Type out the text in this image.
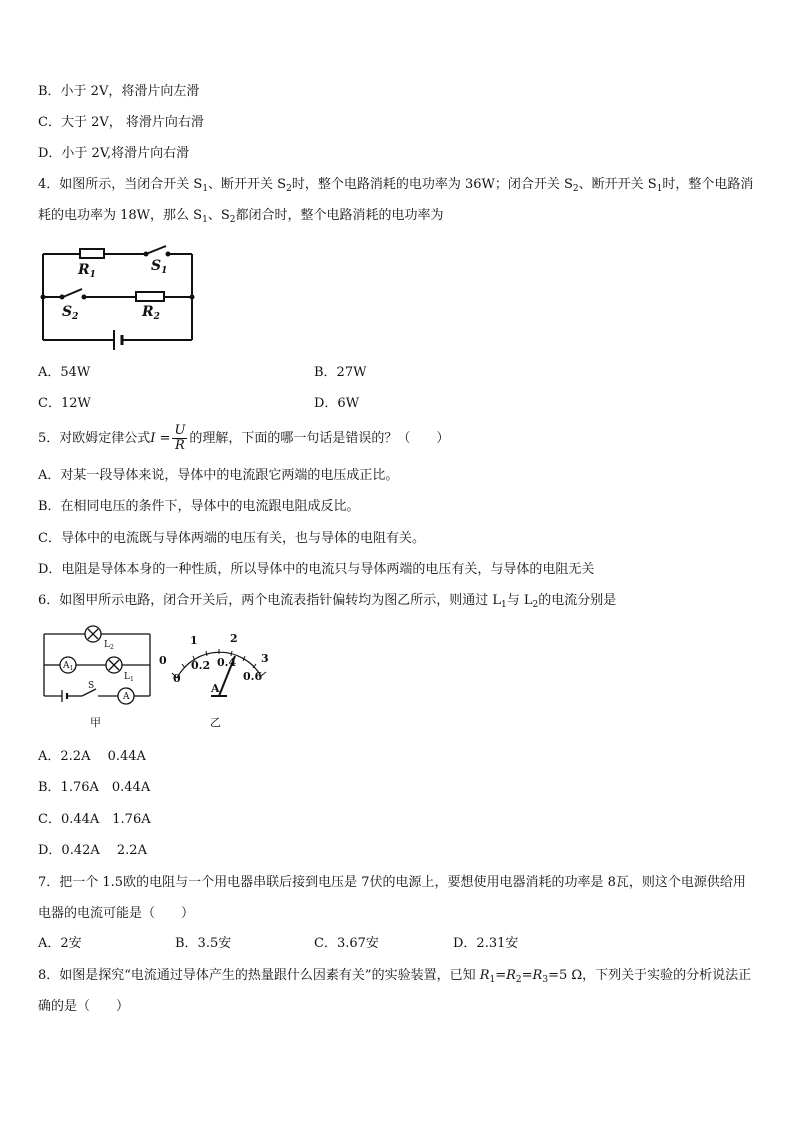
B．小于 2V，将滑片向左滑
C．大于 2V， 将滑片向右滑
D．小于 2V,将滑片向右滑
4．如图所示，当闭合开关 $S_1$、断开开关 $S_2$时，整个电路消耗的电功率为 36W；闭合开关 $S_2$、断开开关 $S_1$时，整个电路消耗的电功率为 18W，那么 $S_1$、$S_2$都闭合时，整个电路消耗的电功率为
$R_1$
$S_1$
$S_2$	$R_2$
A．54W	B．27W
C．12W	D．6W
5．对欧姆定律公式$I = \frac{U}{R}$ 的理解，下面的哪一句话是错误的？（　　）
A．对某一段导体来说，导体中的电流跟它两端的电压成正比。
B．在相同电压的条件下，导体中的电流跟电阻成反比。
C．导体中的电流既与导体两端的电压有关，也与导体的电阻有关。
D．电阻是导体本身的一种性质，所以导体中的电流只与导体两端的电压有关，与导体的电阻无关
6．如图甲所示电路，闭合开关后，两个电流表指针偏转均为图乙所示，则通过 $L_1$与 $L_2$的电流分别是
$L_2$
$L_1$
$A_1$
A
S
甲
0
1	2
3
0
0.2 0.4
0.6
A
乙
A．2.2A　 0.44A
B．1.76A　0.44A
C．0.44A　1.76A
D．0.42A　 2.2A
7．把一个 1.5欧的电阻与一个用电器串联后接到电压是 7伏的电源上，要想使用电器消耗的功率是 8瓦，则这个电源供给用电器的电流可能是（　　）
A．2安	B．3.5安	C．3.67安	D．2.31安
8．如图是探究“电流通过导体产生的热量跟什么因素有关”的实验装置，已知 $R_1=R_2=R_3=5$ Ω，下列关于实验的分析说法正确的是（　　）
